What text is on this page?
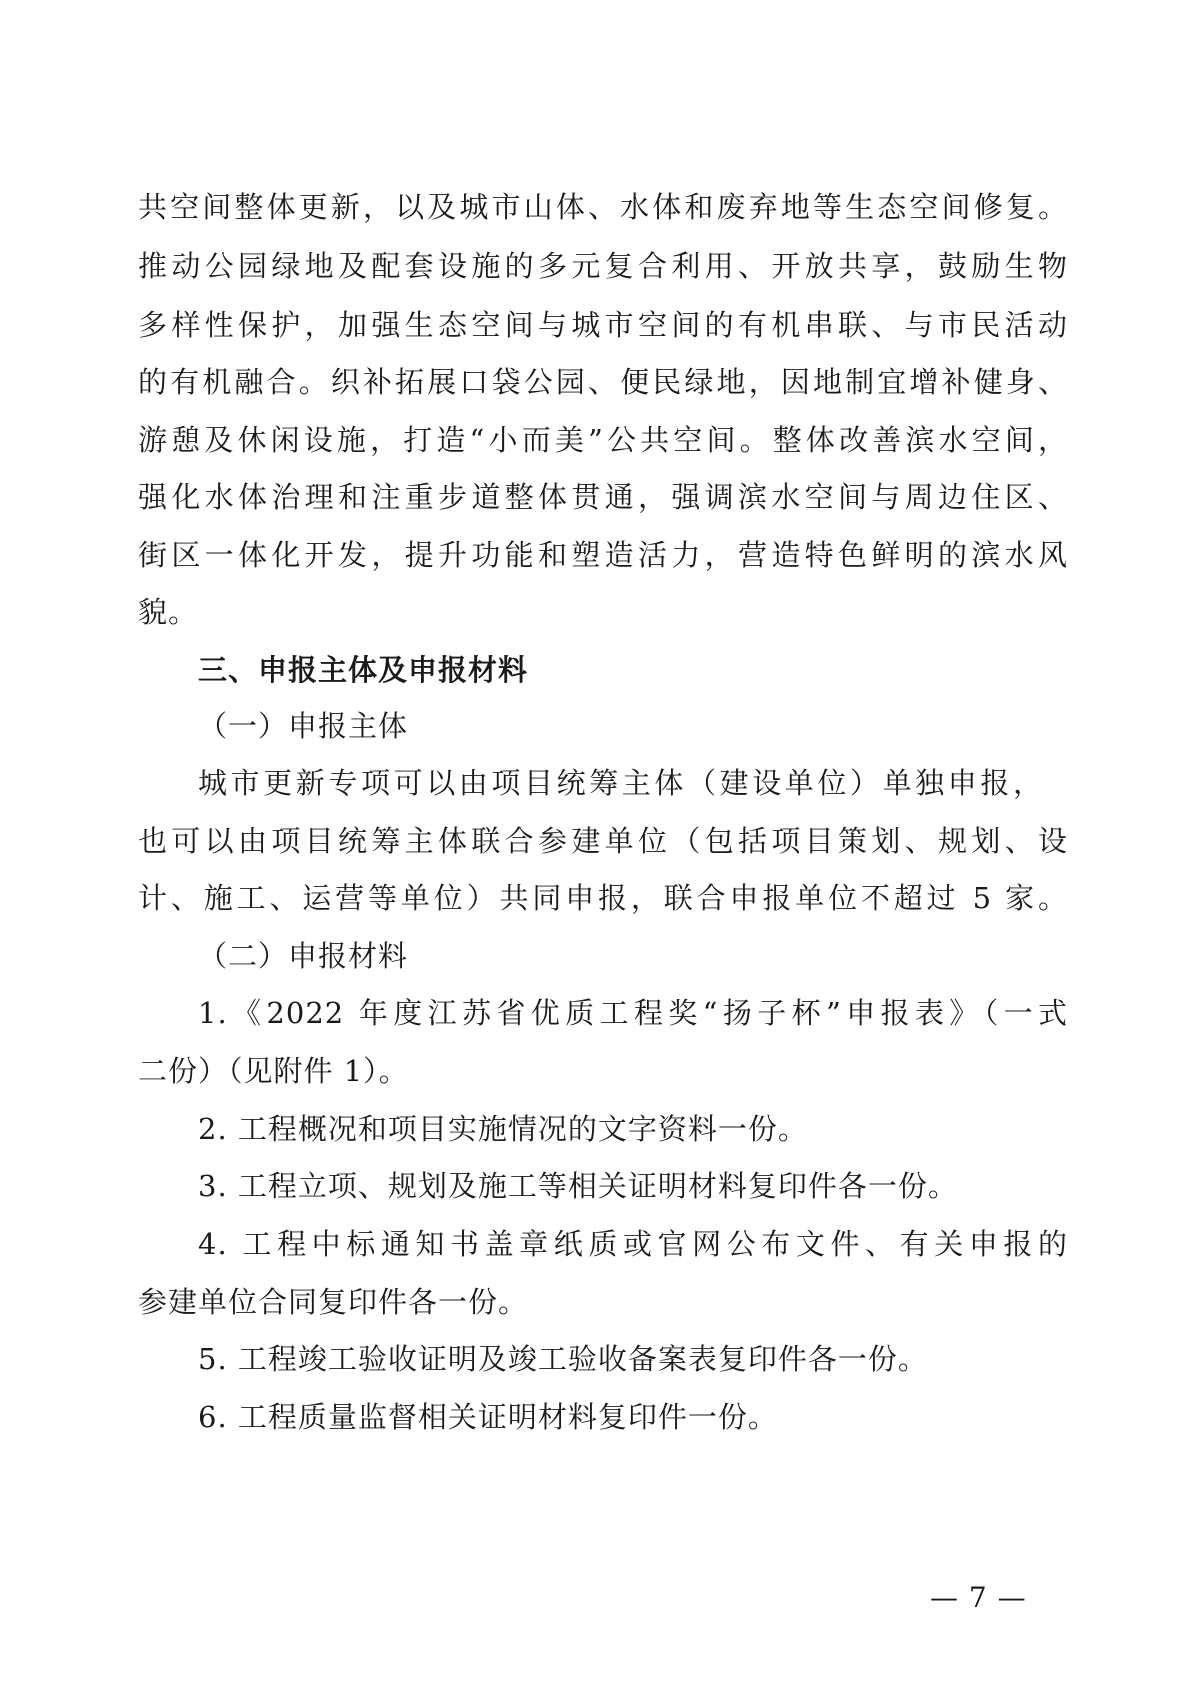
共空间整体更新，以及城市山体、水体和废弃地等生态空间修复。
推动公园绿地及配套设施的多元复合利用、开放共享，鼓励生物
多样性保护，加强生态空间与城市空间的有机串联、与市民活动
的有机融合。织补拓展口袋公园、便民绿地，因地制宜增补健身、
游憩及休闲设施，打造“小而美”公共空间。整体改善滨水空间，
强化水体治理和注重步道整体贯通，强调滨水空间与周边住区、
街区一体化开发，提升功能和塑造活力，营造特色鲜明的滨水风
貌。
三、申报主体及申报材料
（一）申报主体
城市更新专项可以由项目统筹主体（建设单位）单独申报，
也可以由项目统筹主体联合参建单位（包括项目策划、规划、设
计、施工、运营等单位）共同申报，联合申报单位不超过 5 家。
（二）申报材料
1.《2022 年度江苏省优质工程奖“扬子杯”申报表》（一式
二份）（见附件 1）。
2. 工程概况和项目实施情况的文字资料一份。
3. 工程立项、规划及施工等相关证明材料复印件各一份。
4. 工程中标通知书盖章纸质或官网公布文件、有关申报的
参建单位合同复印件各一份。
5. 工程竣工验收证明及竣工验收备案表复印件各一份。
6. 工程质量监督相关证明材料复印件一份。
— 7 —
